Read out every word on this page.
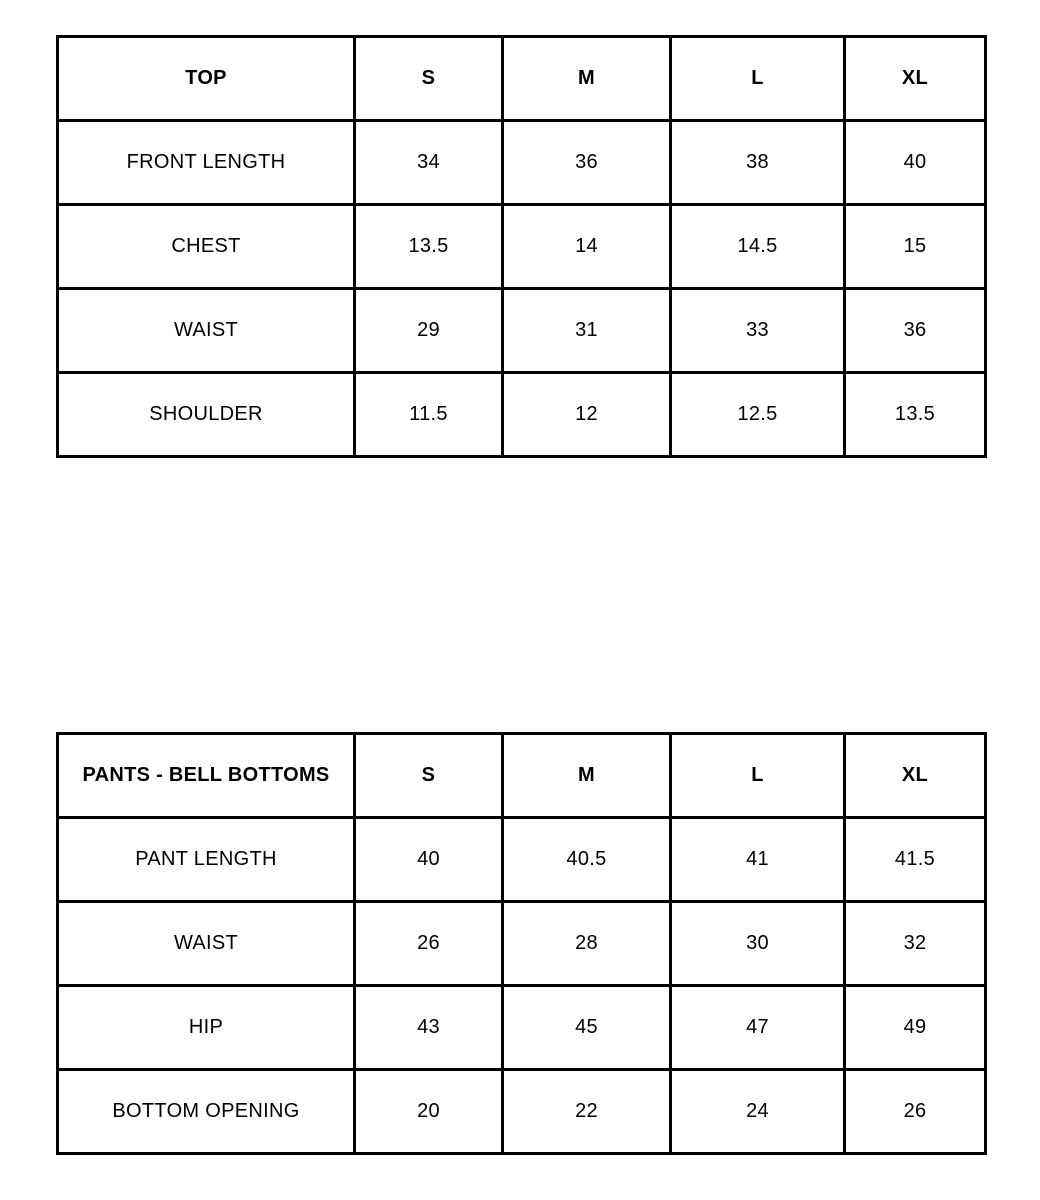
TOP	S	M	L	XL
FRONT LENGTH	34	36	38	40
CHEST	13.5	14	14.5	15
WAIST	29	31	33	36
SHOULDER	11.5	12	12.5	13.5
PANTS - BELL BOTTOMS	S	M	L	XL
PANT LENGTH	40	40.5	41	41.5
WAIST	26	28	30	32
HIP	43	45	47	49
BOTTOM OPENING	20	22	24	26
